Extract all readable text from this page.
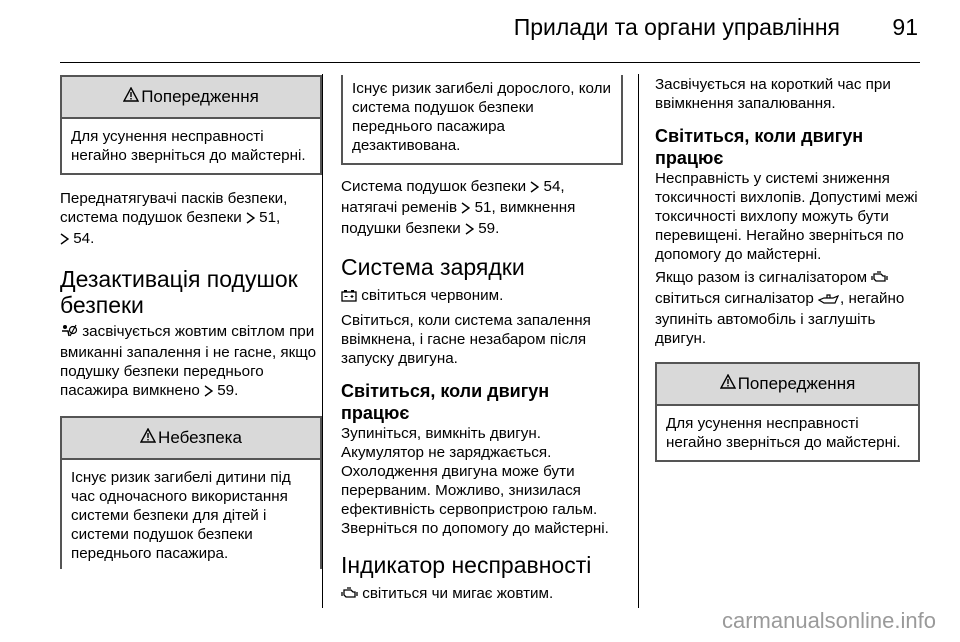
Прилади та органи управління 91
Попередження
Для усунення несправності негайно зверніться до майстерні.

Переднатягувачі пасків безпеки,
система подушок безпеки  51,
54.

Дезактивація подушок
безпеки

засвічується жовтим світлом при вмиканні запалення і не гасне, якщо подушку безпеки переднього пасажира вимкнено  59.

Небезпека
Існує ризик загибелі дитини під час одночасного використання системи безпеки для дітей і системи подушок безпеки переднього пасажира.
Існує ризик загибелі дорослого, коли система подушок безпеки переднього пасажира дезактивована.

Система подушок безпеки  54,
натягачі ременів  51, вимкнення
подушки безпеки  59.

Система зарядки

світиться червоним.

Світиться, коли система запалення ввімкнена, і гасне незабаром після запуску двигуна.

Світиться, коли двигун
працює

Зупиніться, вимкніть двигун. Акумулятор не заряджається. Охолодження двигуна може бути перерваним. Можливо, знизилася ефективність сервопристрою гальм. Зверніться по допомогу до майстерні.

Індикатор несправності

світиться чи мигає жовтим.

Засвічується на короткий час при ввімкнення запалювання.

Світиться, коли двигун
працює

Несправність у системі зниження токсичності вихлопів. Допустимі межі токсичності вихлопу можуть бути перевищені. Негайно зверніться по допомогу до майстерні.

Якщо разом із сигналізатором
світиться сигналізатор , негайно зупиніть автомобіль і заглушіть двигун.

Попередження
Для усунення несправності негайно зверніться до майстерні.
carmanualsonline.info
